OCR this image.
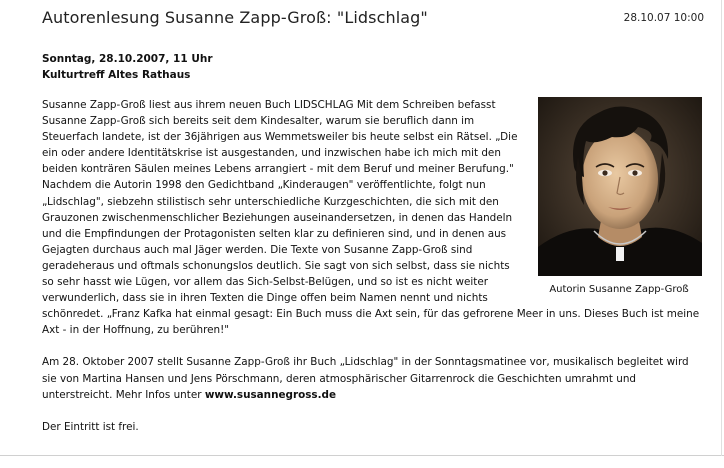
Autorenlesung Susanne Zapp-Groß: "Lidschlag"	28.10.07 10:00
Sonntag, 28.10.2007, 11 Uhr
Kulturtreff Altes Rathaus
Autorin Susanne Zapp-Groß

Susanne Zapp-Groß liest aus ihrem neuen Buch LIDSCHLAG Mit dem Schreiben befasst Susanne Zapp-Groß sich bereits seit dem Kindesalter, warum sie beruflich dann im Steuerfach landete, ist der 36jährigen aus Wemmetsweiler bis heute selbst ein Rätsel. „Die ein oder andere Identitätskrise ist ausgestanden, und inzwischen habe ich mich mit den beiden konträren Säulen meines Lebens arrangiert - mit dem Beruf und meiner Berufung." Nachdem die Autorin 1998 den Gedichtband „Kinderaugen" veröffentlichte, folgt nun „Lidschlag", siebzehn stilistisch sehr unterschiedliche Kurzgeschichten, die sich mit den Grauzonen zwischenmenschlicher Beziehungen auseinandersetzen, in denen das Handeln und die Empfindungen der Protagonisten selten klar zu definieren sind, und in denen aus Gejagten durchaus auch mal Jäger werden. Die Texte von Susanne Zapp-Groß sind geradeheraus und oftmals schonungslos deutlich. Sie sagt von sich selbst, dass sie nichts so sehr hasst wie Lügen, vor allem das Sich-Selbst-Belügen, und so ist es nicht weiter verwunderlich, dass sie in ihren Texten die Dinge offen beim Namen nennt und nichts schönredet. „Franz Kafka hat einmal gesagt: Ein Buch muss die Axt sein, für das gefrorene Meer in uns. Dieses Buch ist meine Axt - in der Hoffnung, zu berühren!"

Am 28. Oktober 2007 stellt Susanne Zapp-Groß ihr Buch „Lidschlag" in der Sonntagsmatinee vor, musikalisch begleitet wird sie von Martina Hansen und Jens Pörschmann, deren atmosphärischer Gitarrenrock die Geschichten umrahmt und unterstreicht. Mehr Infos unter www.susannegross.de

Der Eintritt ist frei.
